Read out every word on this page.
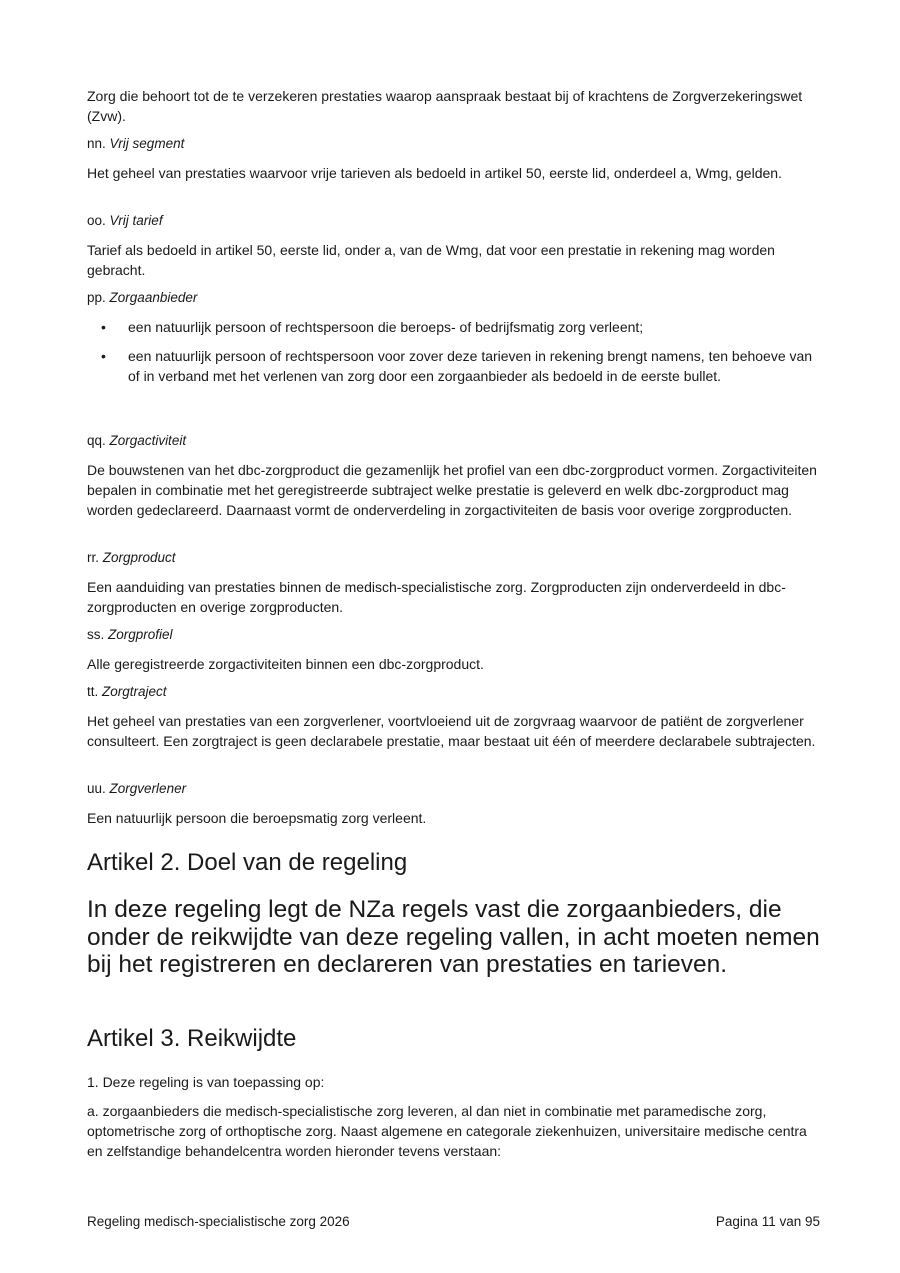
Zorg die behoort tot de te verzekeren prestaties waarop aanspraak bestaat bij of krachtens de Zorgverzekeringswet (Zvw).

nn. Vrij segment

Het geheel van prestaties waarvoor vrije tarieven als bedoeld in artikel 50, eerste lid, onderdeel a, Wmg, gelden.

oo. Vrij tarief

Tarief als bedoeld in artikel 50, eerste lid, onder a, van de Wmg, dat voor een prestatie in rekening mag worden gebracht.

pp. Zorgaanbieder

• een natuurlijk persoon of rechtspersoon die beroeps- of bedrijfsmatig zorg verleent;
• een natuurlijk persoon of rechtspersoon voor zover deze tarieven in rekening brengt namens, ten behoeve van of in verband met het verlenen van zorg door een zorgaanbieder als bedoeld in de eerste bullet.

qq. Zorgactiviteit

De bouwstenen van het dbc-zorgproduct die gezamenlijk het profiel van een dbc-zorgproduct vormen. Zorgactiviteiten bepalen in combinatie met het geregistreerde subtraject welke prestatie is geleverd en welk dbc-zorgproduct mag worden gedeclareerd. Daarnaast vormt de onderverdeling in zorgactiviteiten de basis voor overige zorgproducten.

rr. Zorgproduct

Een aanduiding van prestaties binnen de medisch-specialistische zorg. Zorgproducten zijn onderverdeeld in dbc-zorgproducten en overige zorgproducten.

ss. Zorgprofiel

Alle geregistreerde zorgactiviteiten binnen een dbc-zorgproduct.

tt. Zorgtraject

Het geheel van prestaties van een zorgverlener, voortvloeiend uit de zorgvraag waarvoor de patiënt de zorgverlener consulteert. Een zorgtraject is geen declarabele prestatie, maar bestaat uit één of meerdere declarabele subtrajecten.

uu. Zorgverlener

Een natuurlijk persoon die beroepsmatig zorg verleent.

Artikel 2. Doel van de regeling

In deze regeling legt de NZa regels vast die zorgaanbieders, die onder de reikwijdte van deze regeling vallen, in acht moeten nemen bij het registreren en declareren van prestaties en tarieven.

Artikel 3. Reikwijdte

1. Deze regeling is van toepassing op:

a. zorgaanbieders die medisch-specialistische zorg leveren, al dan niet in combinatie met paramedische zorg, optometrische zorg of orthoptische zorg. Naast algemene en categorale ziekenhuizen, universitaire medische centra en zelfstandige behandelcentra worden hieronder tevens verstaan:

Regeling medisch-specialistische zorg 2026	Pagina 11 van 95
